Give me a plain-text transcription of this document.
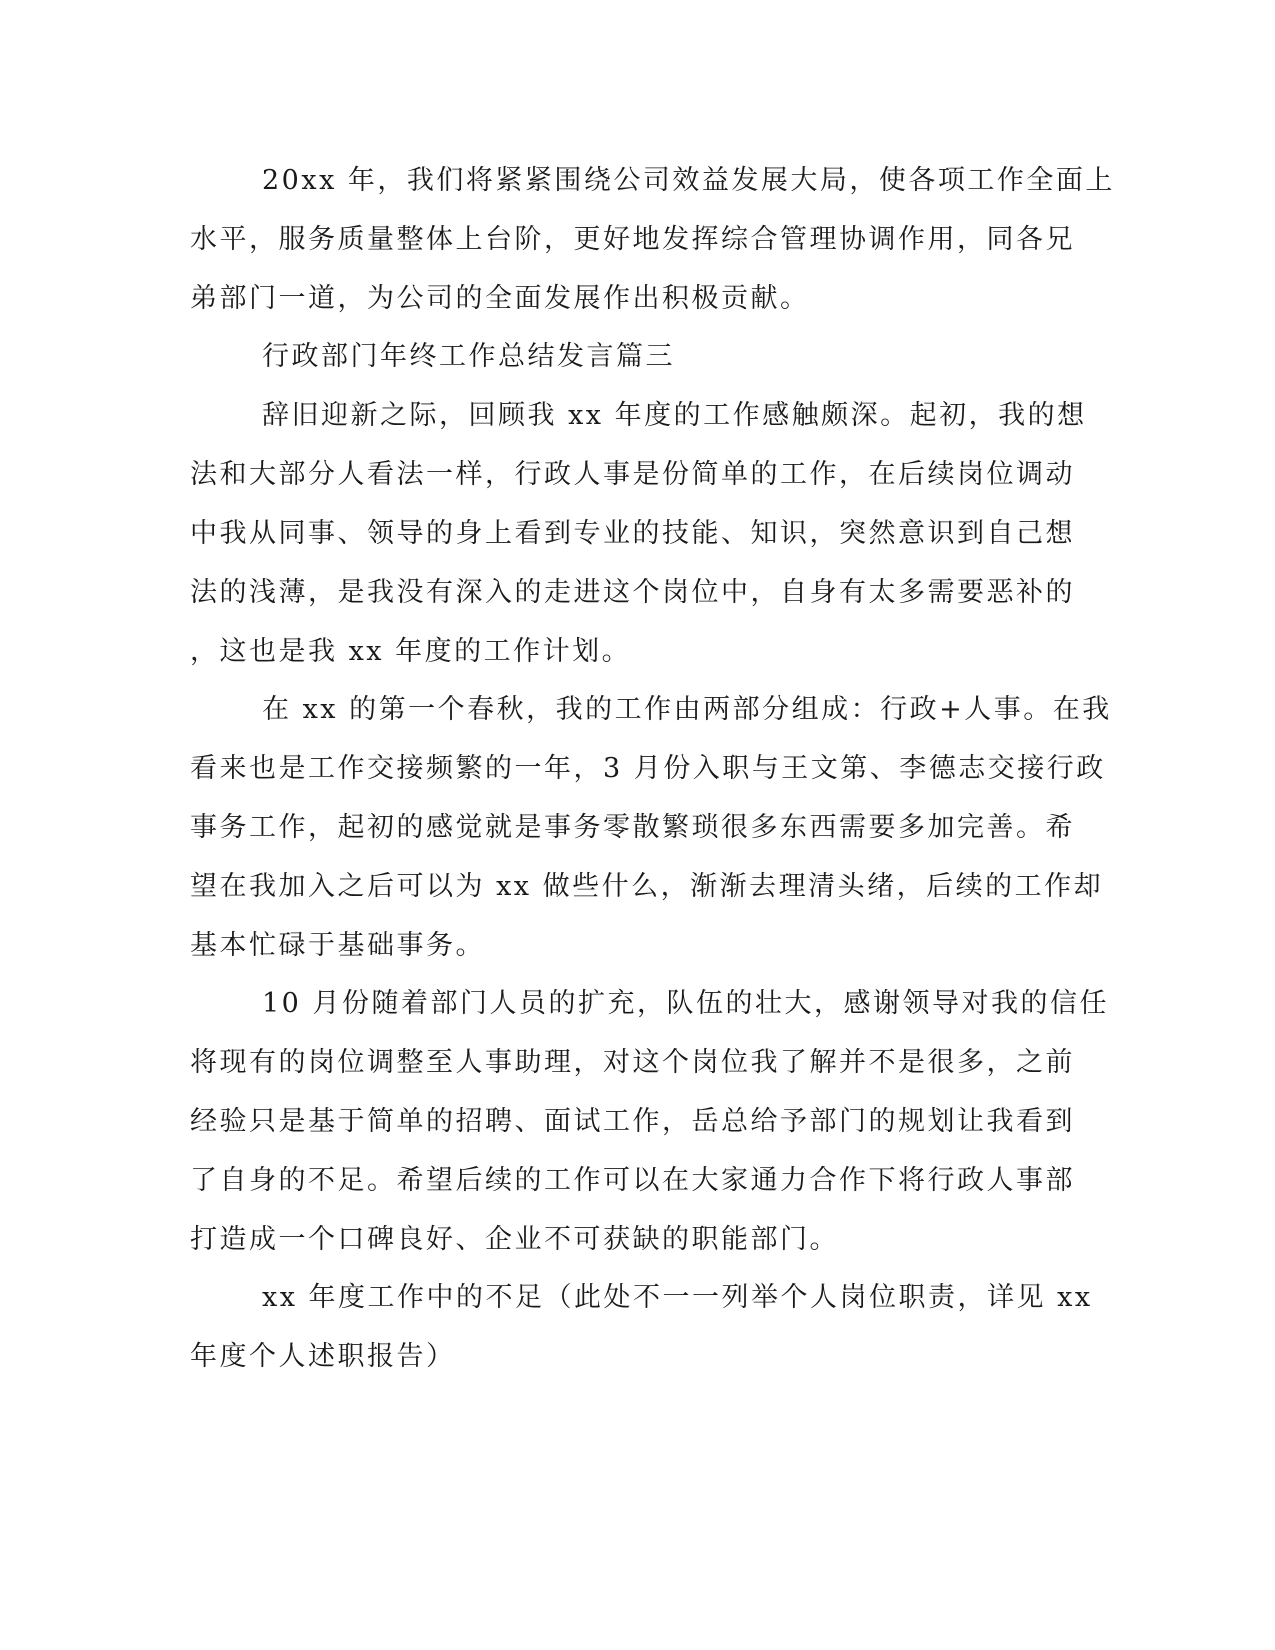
20xx 年，我们将紧紧围绕公司效益发展大局，使各项工作全面上
水平，服务质量整体上台阶，更好地发挥综合管理协调作用，同各兄
弟部门一道，为公司的全面发展作出积极贡献。
行政部门年终工作总结发言篇三
辞旧迎新之际，回顾我 xx 年度的工作感触颇深。起初，我的想
法和大部分人看法一样，行政人事是份简单的工作，在后续岗位调动
中我从同事、领导的身上看到专业的技能、知识，突然意识到自己想
法的浅薄，是我没有深入的走进这个岗位中，自身有太多需要恶补的
，这也是我 xx 年度的工作计划。
在 xx 的第一个春秋，我的工作由两部分组成：行政+人事。在我
看来也是工作交接频繁的一年，3 月份入职与王文第、李德志交接行政
事务工作，起初的感觉就是事务零散繁琐很多东西需要多加完善。希
望在我加入之后可以为 xx 做些什么，渐渐去理清头绪，后续的工作却
基本忙碌于基础事务。
10 月份随着部门人员的扩充，队伍的壮大，感谢领导对我的信任
将现有的岗位调整至人事助理，对这个岗位我了解并不是很多，之前
经验只是基于简单的招聘、面试工作，岳总给予部门的规划让我看到
了自身的不足。希望后续的工作可以在大家通力合作下将行政人事部
打造成一个口碑良好、企业不可获缺的职能部门。
xx 年度工作中的不足（此处不一一列举个人岗位职责，详见 xx
年度个人述职报告）
